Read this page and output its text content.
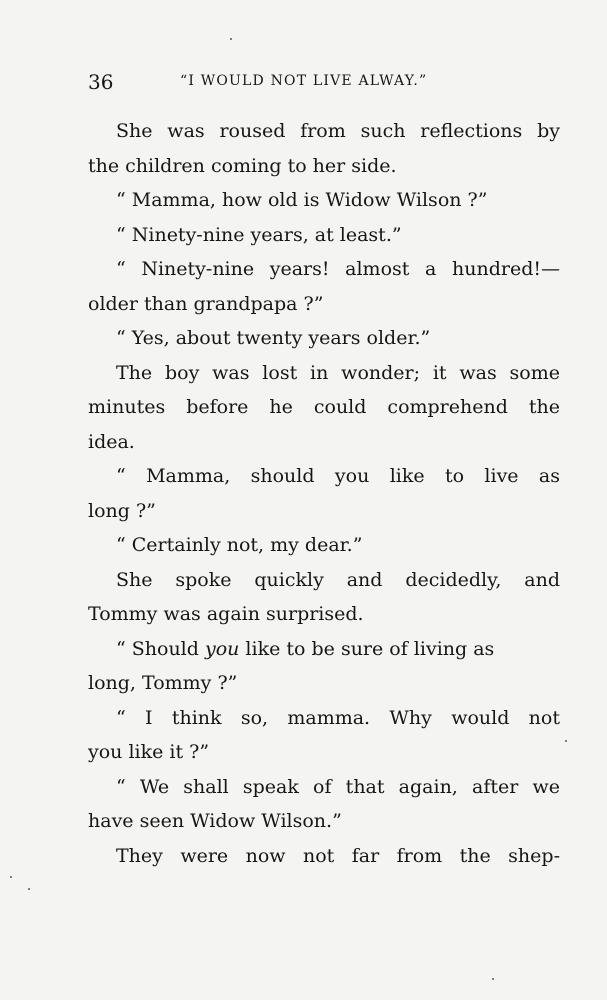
36	“I WOULD NOT LIVE ALWAY.”
She was roused from such reflections by
the children coming to her side.
“ Mamma, how old is Widow Wilson ?”
“ Ninety-nine years, at least.”
“ Ninety-nine years! almost a hundred!—
older than grandpapa ?”
“ Yes, about twenty years older.”
The boy was lost in wonder; it was some
minutes before he could comprehend the
idea.
“ Mamma, should you like to live as
long ?”
“ Certainly not, my dear.”
She spoke quickly and decidedly, and
Tommy was again surprised.
“ Should you like to be sure of living as
long, Tommy ?”
“ I think so, mamma. Why would not
you like it ?”
“ We shall speak of that again, after we
have seen Widow Wilson.”
They were now not far from the shep-
